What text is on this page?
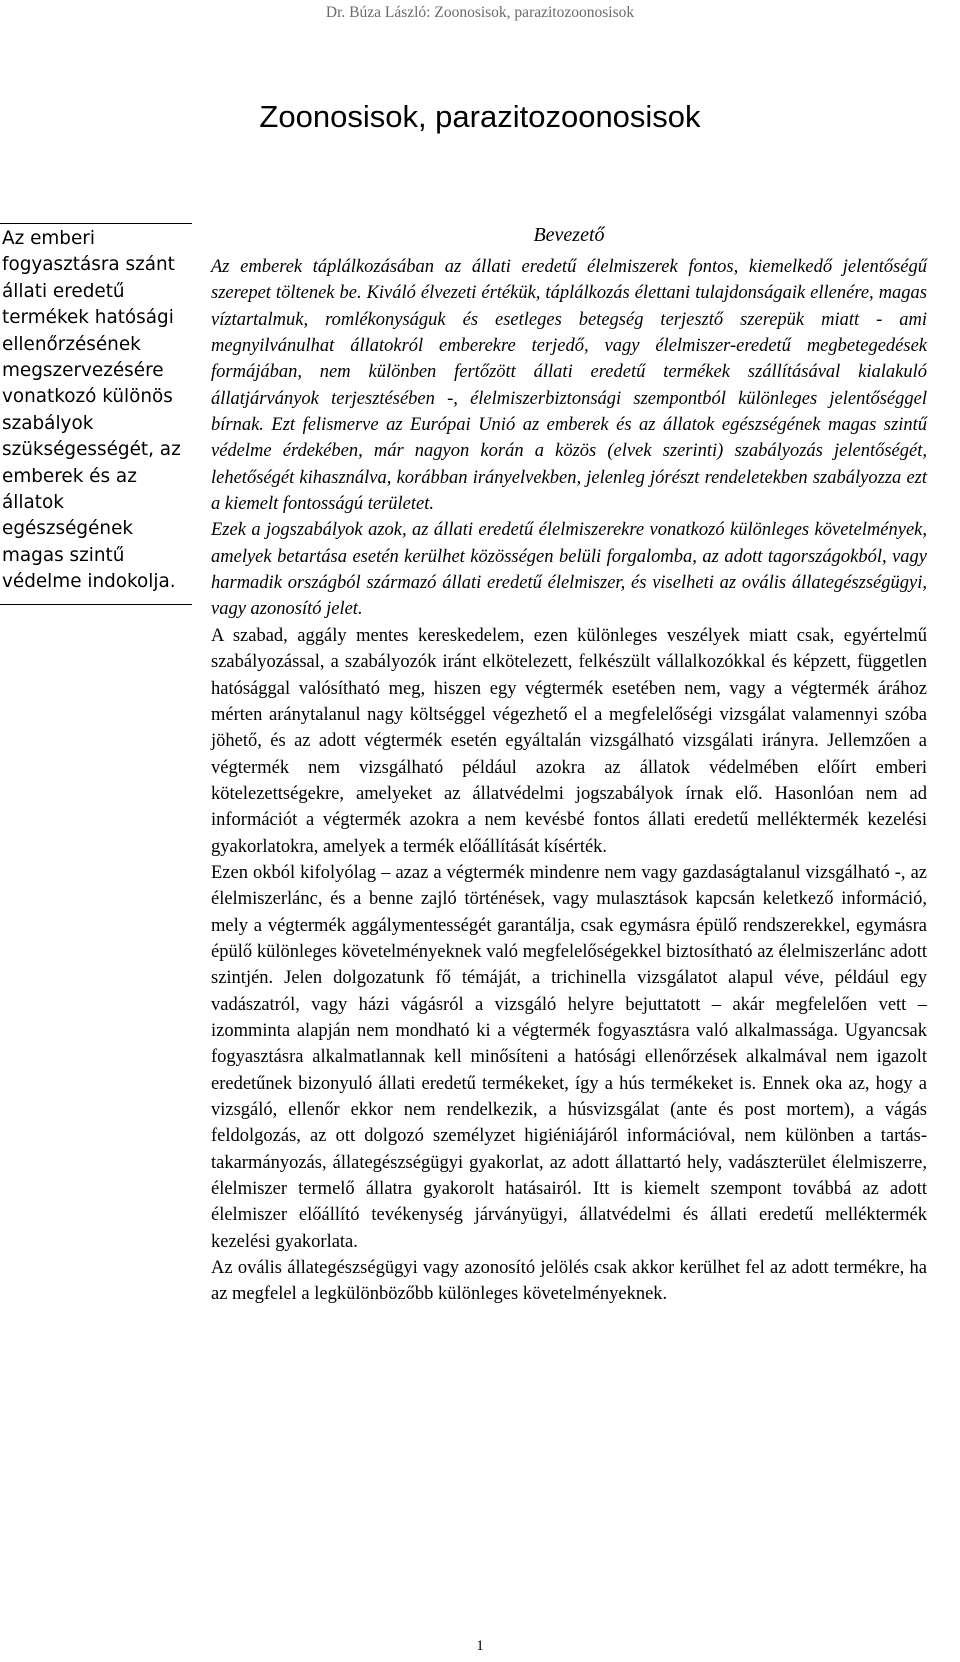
Dr. Búza László: Zoonosisok, parazitozoonosisok
Zoonosisok, parazitozoonosisok

Az emberi fogyasztásra szánt állati eredetű termékek hatósági ellenőrzésének megszervezésére vonatkozó különös szabályok szükségességét, az emberek és az állatok egészségének magas szintű védelme indokolja.

Bevezető

Az emberek táplálkozásában az állati eredetű élelmiszerek fontos, kiemelkedő jelentőségű szerepet töltenek be. Kiváló élvezeti értékük, táplálkozás élettani tulajdonságaik ellenére, magas víztartalmuk, romlékonyságuk és esetleges betegség terjesztő szerepük miatt - ami megnyilvánulhat állatokról emberekre terjedő, vagy élelmiszer-eredetű megbetegedések formájában, nem különben fertőzött állati eredetű termékek szállításával kialakuló állatjárványok terjesztésében -, élelmiszerbiztonsági szempontból különleges jelentőséggel bírnak. Ezt felismerve az Európai Unió az emberek és az állatok egészségének magas szintű védelme érdekében, már nagyon korán a közös (elvek szerinti) szabályozás jelentőségét, lehetőségét kihasználva, korábban irányelvekben, jelenleg jórészt rendeletekben szabályozza ezt a kiemelt fontosságú területet.

Ezek a jogszabályok azok, az állati eredetű élelmiszerekre vonatkozó különleges követelmények, amelyek betartása esetén kerülhet közösségen belüli forgalomba, az adott tagországokból, vagy harmadik országból származó állati eredetű élelmiszer, és viselheti az ovális állategészségügyi, vagy azonosító jelet.

A szabad, aggály mentes kereskedelem, ezen különleges veszélyek miatt csak, egyértelmű szabályozással, a szabályozók iránt elkötelezett, felkészült vállalkozókkal és képzett, független hatósággal valósítható meg, hiszen egy végtermék esetében nem, vagy a végtermék árához mérten aránytalanul nagy költséggel végezhető el a megfelelőségi vizsgálat valamennyi szóba jöhető, és az adott végtermék esetén egyáltalán vizsgálható vizsgálati irányra. Jellemzően a végtermék nem vizsgálható például azokra az állatok védelmében előírt emberi kötelezettségekre, amelyeket az állatvédelmi jogszabályok írnak elő. Hasonlóan nem ad információt a végtermék azokra a nem kevésbé fontos állati eredetű melléktermék kezelési gyakorlatokra, amelyek a termék előállítását kísérték.

Ezen okból kifolyólag – azaz a végtermék mindenre nem vagy gazdaságtalanul vizsgálható -, az élelmiszerlánc, és a benne zajló történések, vagy mulasztások kapcsán keletkező információ, mely a végtermék aggálymentességét garantálja, csak egymásra épülő rendszerekkel, egymásra épülő különleges követelményeknek való megfelelőségekkel biztosítható az élelmiszerlánc adott szintjén. Jelen dolgozatunk fő témáját, a trichinella vizsgálatot alapul véve, például egy vadászatról, vagy házi vágásról a vizsgáló helyre bejuttatott – akár megfelelően vett – izomminta alapján nem mondható ki a végtermék fogyasztásra való alkalmassága. Ugyancsak fogyasztásra alkalmatlannak kell minősíteni a hatósági ellenőrzések alkalmával nem igazolt eredetűnek bizonyuló állati eredetű termékeket, így a hús termékeket is. Ennek oka az, hogy a vizsgáló, ellenőr ekkor nem rendelkezik, a húsvizsgálat (ante és post mortem), a vágás feldolgozás, az ott dolgozó személyzet higiéniájáról információval, nem különben a tartás-takarmányozás, állategészségügyi gyakorlat, az adott állattartó hely, vadászterület élelmiszerre, élelmiszer termelő állatra gyakorolt hatásairól. Itt is kiemelt szempont továbbá az adott élelmiszer előállító tevékenység járványügyi, állatvédelmi és állati eredetű melléktermék kezelési gyakorlata.

Az ovális állategészségügyi vagy azonosító jelölés csak akkor kerülhet fel az adott termékre, ha az megfelel a legkülönbözőbb különleges követelményeknek.

1
